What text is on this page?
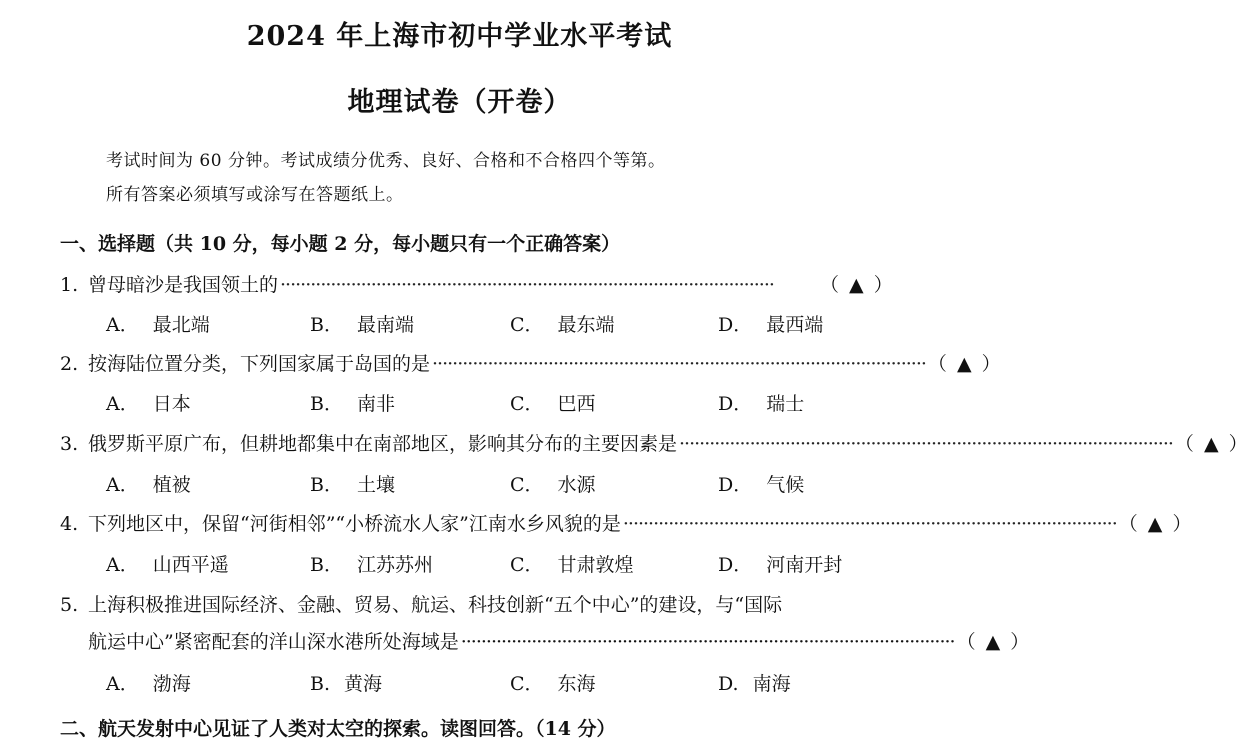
2024 年上海市初中学业水平考试
地理试卷（开卷）
考试时间为 60 分钟。考试成绩分优秀、良好、合格和不合格四个等第。
所有答案必须填写或涂写在答题纸上。
一、选择题（共 10 分，每小题 2 分，每小题只有一个正确答案）
1. 曾母暗沙是我国领土的 ··································································································	（ ▲ ）
A． 最北端	B． 最南端	C． 最东端	D． 最西端
2. 按海陆位置分类，下列国家属于岛国的是 ·································································································· （ ▲ ）
A． 日本	B． 南非	C． 巴西	D． 瑞士
3. 俄罗斯平原广布，但耕地都集中在南部地区，影响其分布的主要因素是 ·································································································· （ ▲ ）
A． 植被	B． 土壤	C． 水源	D． 气候
4. 下列地区中，保留“河街相邻”“小桥流水人家”江南水乡风貌的是 ·································································································· （ ▲ ）
A． 山西平遥	B． 江苏苏州	C． 甘肃敦煌	D． 河南开封
5. 上海积极推进国际经济、金融、贸易、航运、科技创新“五个中心”的建设，与“国际
航运中心”紧密配套的洋山深水港所处海域是 ·································································································· （ ▲ ）
A． 渤海	B. 黄海	C． 东海	D. 南海
二、航天发射中心见证了人类对太空的探索。读图回答。（14 分）
